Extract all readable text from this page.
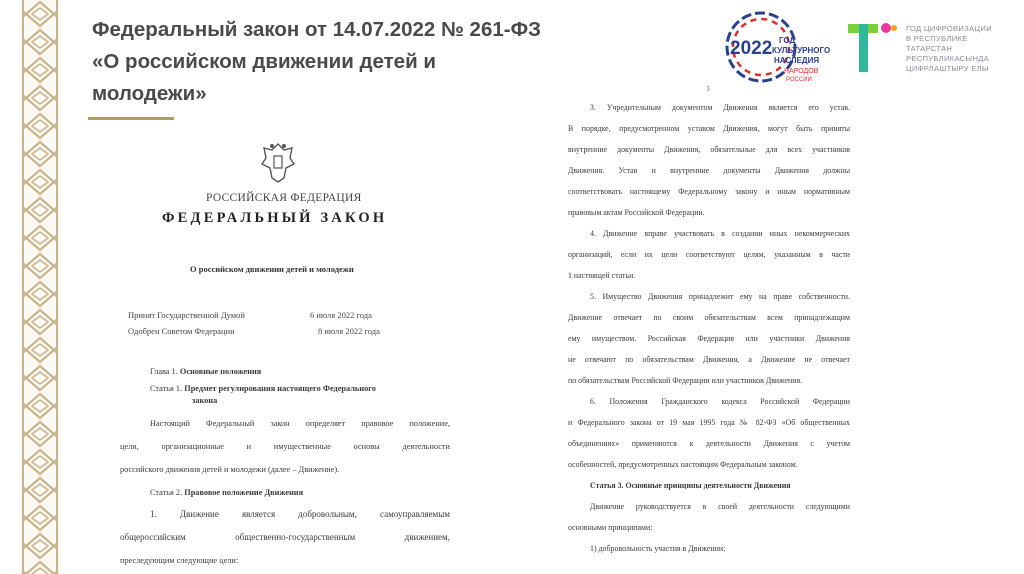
Федеральный закон от 14.07.2022 № 261-ФЗ
«О российском движении детей и
молодежи»
2022 ГОД
КУЛЬТУРНОГО
НАСЛЕДИЯ
НАРОДОВ
РОССИИ
ГОД ЦИФРОВИЗАЦИИ
В РЕСПУБЛИКЕ
ТАТАРСТАН
РЕСПУБЛИКАСЫНДА
ЦИФРЛАШТЫРУ ЕЛЫ
РОССИЙСКАЯ ФЕДЕРАЦИЯ
ФЕДЕРАЛЬНЫЙ ЗАКОН
О российском движении детей и молодежи
Принят Государственной Думой	6 июля 2022 года
Одобрен Советом Федерации	8 июля 2022 года
Глава 1. Основные положения
Статья 1. Предмет регулирования настоящего Федерального
закона
Настоящий Федеральный закон определяет правовое положение,
цели, организационные и имущественные основы деятельности
российского движения детей и молодежи (далее – Движение).
Статья 2. Правовое положение Движения
1. Движение является добровольным, самоуправляемым
общероссийским общественно-государственным движением,
преследующим следующие цели:
3
3. Учредительным документом Движения является его устав.
В порядке, предусмотренном уставом Движения, могут быть приняты
внутренние документы Движения, обязательные для всех участников
Движения. Устав и внутренние документы Движения должны
соответствовать настоящему Федеральному закону и иным нормативным
правовым актам Российской Федерации.
4. Движение вправе участвовать в создании иных некоммерческих
организаций, если их цели соответствуют целям, указанным в части
1 настоящей статьи.
5. Имущество Движения принадлежит ему на праве собственности.
Движение отвечает по своим обязательствам всем принадлежащим
ему имуществом. Российская Федерация или участники Движения
не отвечают по обязательствам Движения, а Движение не отвечает
по обязательствам Российской Федерации или участников Движения.
6. Положения Гражданского кодекса Российской Федерации
и Федерального закона от 19 мая 1995 года № 82-ФЗ «Об общественных
объединениях» применяются к деятельности Движения с учетом
особенностей, предусмотренных настоящим Федеральным законом.
Статья 3. Основные принципы деятельности Движения
Движение руководствуется в своей деятельности следующими
основными принципами:
1) добровольность участия в Движении;
